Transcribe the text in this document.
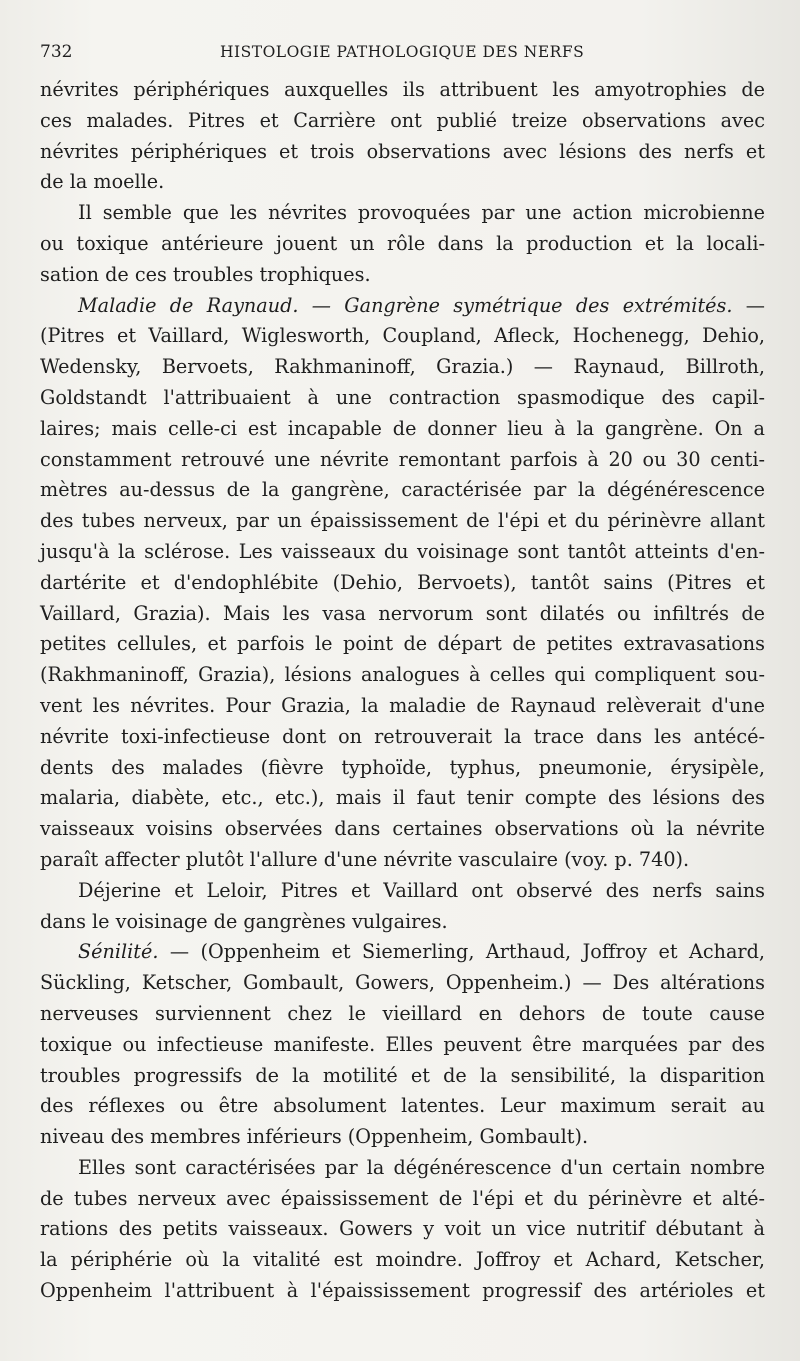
732	HISTOLOGIE PATHOLOGIQUE DES NERFS
névrites périphériques auxquelles ils attribuent les amyotrophies de
ces malades. Pitres et Carrière ont publié treize observations avec
névrites périphériques et trois observations avec lésions des nerfs et
de la moelle.
Il semble que les névrites provoquées par une action microbienne
ou toxique antérieure jouent un rôle dans la production et la locali-
sation de ces troubles trophiques.
Maladie de Raynaud. — Gangrène symétrique des extrémités. —
(Pitres et Vaillard, Wiglesworth, Coupland, Afleck, Hochenegg, Dehio,
Wedensky, Bervoets, Rakhmaninoff, Grazia.) — Raynaud, Billroth,
Goldstandt l'attribuaient à une contraction spasmodique des capil-
laires; mais celle-ci est incapable de donner lieu à la gangrène. On a
constamment retrouvé une névrite remontant parfois à 20 ou 30 centi-
mètres au-dessus de la gangrène, caractérisée par la dégénérescence
des tubes nerveux, par un épaississement de l'épi et du périnèvre allant
jusqu'à la sclérose. Les vaisseaux du voisinage sont tantôt atteints d'en-
dartérite et d'endophlébite (Dehio, Bervoets), tantôt sains (Pitres et
Vaillard, Grazia). Mais les vasa nervorum sont dilatés ou infiltrés de
petites cellules, et parfois le point de départ de petites extravasations
(Rakhmaninoff, Grazia), lésions analogues à celles qui compliquent sou-
vent les névrites. Pour Grazia, la maladie de Raynaud relèverait d'une
névrite toxi-infectieuse dont on retrouverait la trace dans les antécé-
dents des malades (fièvre typhoïde, typhus, pneumonie, érysipèle,
malaria, diabète, etc., etc.), mais il faut tenir compte des lésions des
vaisseaux voisins observées dans certaines observations où la névrite
paraît affecter plutôt l'allure d'une névrite vasculaire (voy. p. 740).
Déjerine et Leloir, Pitres et Vaillard ont observé des nerfs sains
dans le voisinage de gangrènes vulgaires.
Sénilité. — (Oppenheim et Siemerling, Arthaud, Joffroy et Achard,
Sückling, Ketscher, Gombault, Gowers, Oppenheim.) — Des altérations
nerveuses surviennent chez le vieillard en dehors de toute cause
toxique ou infectieuse manifeste. Elles peuvent être marquées par des
troubles progressifs de la motilité et de la sensibilité, la disparition
des réflexes ou être absolument latentes. Leur maximum serait au
niveau des membres inférieurs (Oppenheim, Gombault).
Elles sont caractérisées par la dégénérescence d'un certain nombre
de tubes nerveux avec épaississement de l'épi et du périnèvre et alté-
rations des petits vaisseaux. Gowers y voit un vice nutritif débutant à
la périphérie où la vitalité est moindre. Joffroy et Achard, Ketscher,
Oppenheim l'attribuent à l'épaississement progressif des artérioles et
